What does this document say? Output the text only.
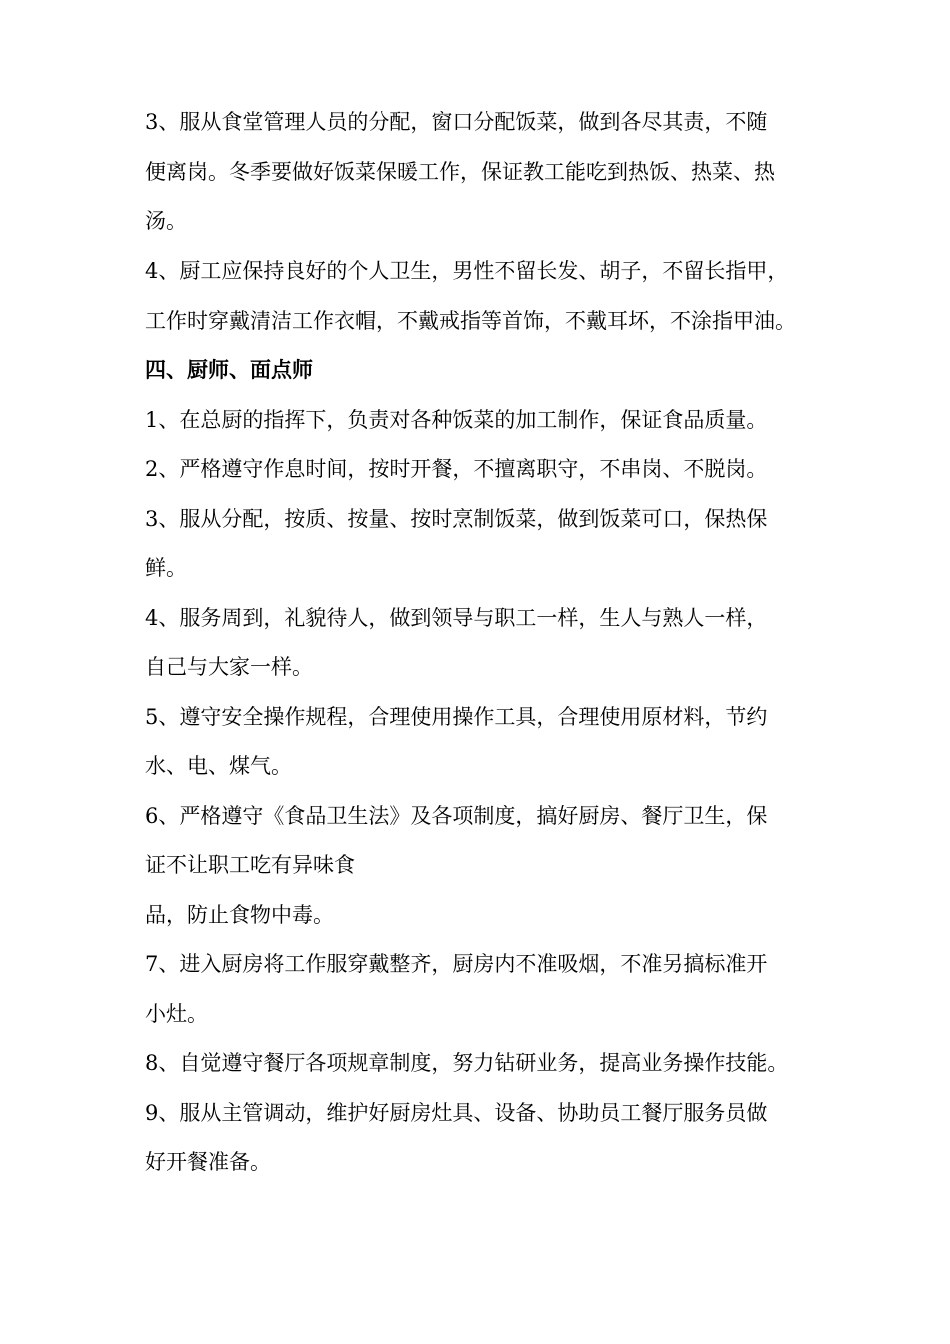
3、服从食堂管理人员的分配，窗口分配饭菜，做到各尽其责，不随
便离岗。冬季要做好饭菜保暖工作，保证教工能吃到热饭、热菜、热
汤。
4、厨工应保持良好的个人卫生，男性不留长发、胡子，不留长指甲，
工作时穿戴清洁工作衣帽，不戴戒指等首饰，不戴耳坏，不涂指甲油。
四、厨师、面点师
1、在总厨的指挥下，负责对各种饭菜的加工制作，保证食品质量。
2、严格遵守作息时间，按时开餐，不擅离职守，不串岗、不脱岗。
3、服从分配，按质、按量、按时烹制饭菜，做到饭菜可口，保热保
鲜。
4、服务周到，礼貌待人，做到领导与职工一样，生人与熟人一样，
自己与大家一样。
5、遵守安全操作规程，合理使用操作工具，合理使用原材料，节约
水、电、煤气。
6、严格遵守《食品卫生法》及各项制度，搞好厨房、餐厅卫生，保
证不让职工吃有异味食
品，防止食物中毒。
7、进入厨房将工作服穿戴整齐，厨房内不准吸烟，不准另搞标准开
小灶。
8、自觉遵守餐厅各项规章制度，努力钻研业务，提高业务操作技能。
9、服从主管调动，维护好厨房灶具、设备、协助员工餐厅服务员做
好开餐准备。
